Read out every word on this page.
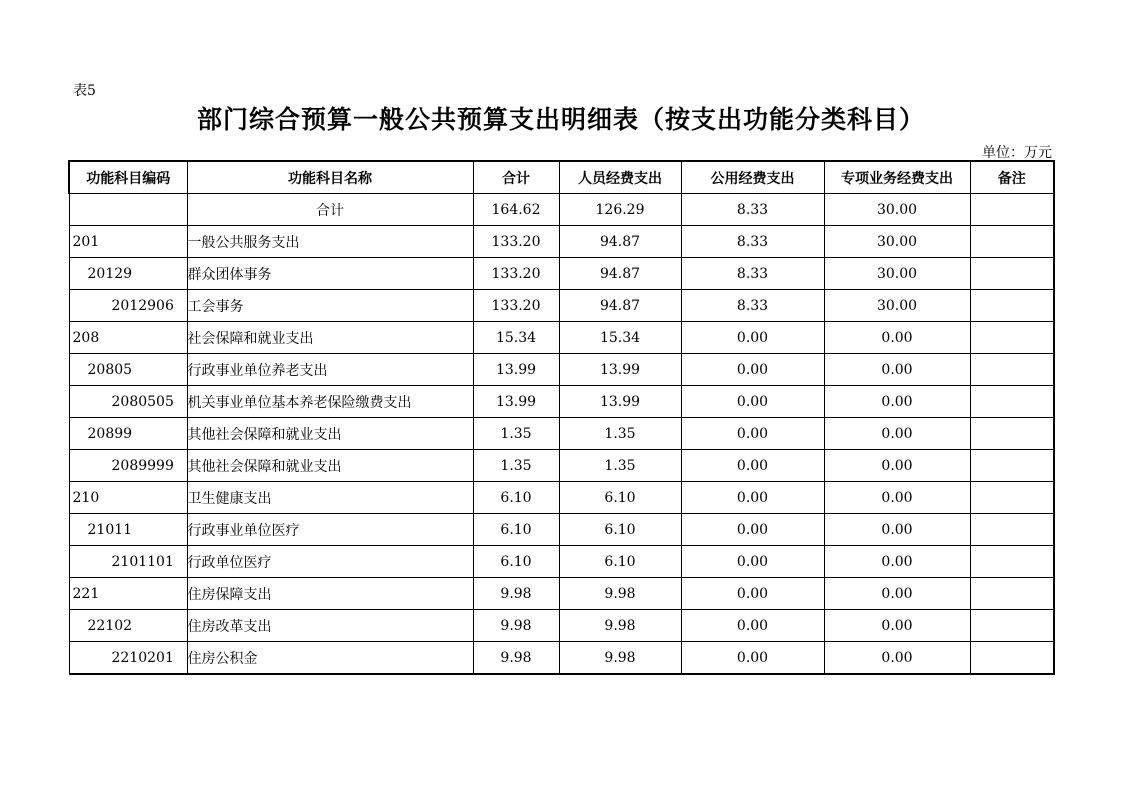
表5
部门综合预算一般公共预算支出明细表（按支出功能分类科目）
单位：万元
功能科目编码	功能科目名称	合计	人员经费支出	公用经费支出	专项业务经费支出	备注
	合计	164.62	126.29	8.33	30.00	
201	一般公共服务支出	133.20	94.87	8.33	30.00	
20129	群众团体事务	133.20	94.87	8.33	30.00	
2012906	工会事务	133.20	94.87	8.33	30.00	
208	社会保障和就业支出	15.34	15.34	0.00	0.00	
20805	行政事业单位养老支出	13.99	13.99	0.00	0.00	
2080505	机关事业单位基本养老保险缴费支出	13.99	13.99	0.00	0.00	
20899	其他社会保障和就业支出	1.35	1.35	0.00	0.00	
2089999	其他社会保障和就业支出	1.35	1.35	0.00	0.00	
210	卫生健康支出	6.10	6.10	0.00	0.00	
21011	行政事业单位医疗	6.10	6.10	0.00	0.00	
2101101	行政单位医疗	6.10	6.10	0.00	0.00	
221	住房保障支出	9.98	9.98	0.00	0.00	
22102	住房改革支出	9.98	9.98	0.00	0.00	
2210201	住房公积金	9.98	9.98	0.00	0.00	
